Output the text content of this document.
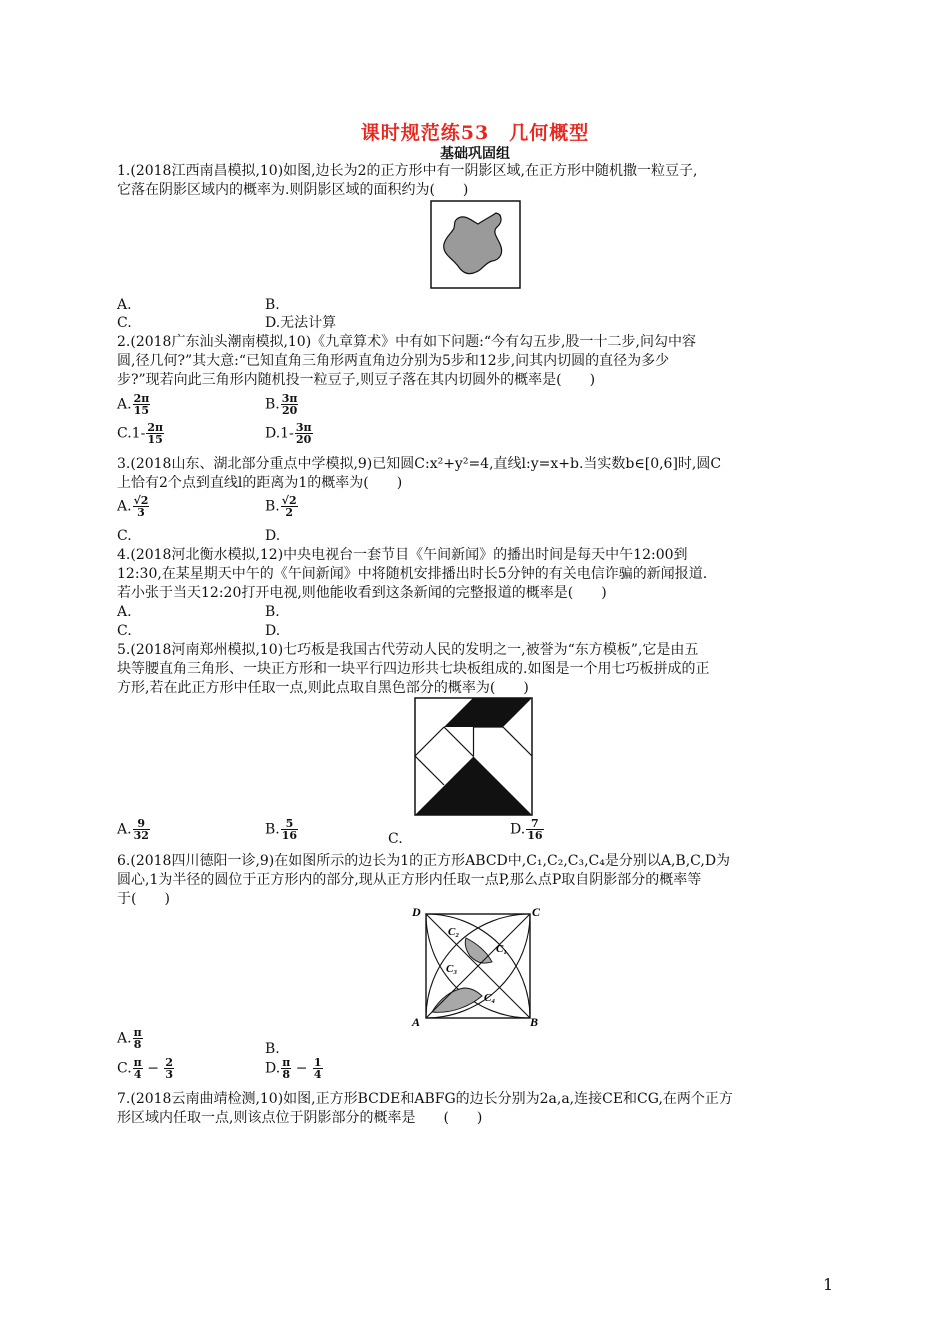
课时规范练53　几何概型
基础巩固组
1.(2018江西南昌模拟,10)如图,边长为2的正方形中有一阴影区域,在正方形中随机撒一粒豆子,
它落在阴影区域内的概率为.则阴影区域的面积约为(　　)
A.	B.
C.	D.无法计算
2.(2018广东汕头潮南模拟,10)《九章算术》中有如下问题:“今有勾五步,股一十二步,问勾中容
圆,径几何?”其大意:“已知直角三角形两直角边分别为5步和12步,问其内切圆的直径为多少
步?”现若向此三角形内随机投一粒豆子,则豆子落在其内切圆外的概率是(　　)
A. $\frac{2\pi}{15}$	B. $\frac{3\pi}{20}$
$C.1- \frac{2\pi}{15}$	$D.1- \frac{3\pi}{20}$
3.(2018山东、湖北部分重点中学模拟,9)已知圆C:x²+y²=4,直线l:y=x+b.当实数b∈[0,6]时,圆C
上恰有2个点到直线l的距离为1的概率为(　　)
A. $\frac{√2}{3}$	B. $\frac{√2}{2}$
C.	D.
4.(2018河北衡水模拟,12)中央电视台一套节目《午间新闻》的播出时间是每天中午12:00到
12:30,在某星期天中午的《午间新闻》中将随机安排播出时长5分钟的有关电信诈骗的新闻报道.
若小张于当天12:20打开电视,则他能收看到这条新闻的完整报道的概率是(　　)
A.	B.
C.	D.
5.(2018河南郑州模拟,10)七巧板是我国古代劳动人民的发明之一,被誉为“东方模板”,它是由五
块等腰直角三角形、一块正方形和一块平行四边形共七块板组成的.如图是一个用七巧板拼成的正
方形,若在此正方形中任取一点,则此点取自黑色部分的概率为(　　)
A. $\frac{9}{32}$	B. $\frac{5}{16}$	C.
D. $\frac{7}{16}$
6.(2018四川德阳一诊,9)在如图所示的边长为1的正方形ABCD中,C₁,C₂,C₃,C₄是分别以A,B,C,D为
圆心,1为半径的圆位于正方形内的部分,现从正方形内任取一点P,那么点P取自阴影部分的概率等
于(　　)
D	C
A	B
C₁
C₂
C₃
C₄
A. $\frac{\pi}{8}$	B.
C. $\frac{\pi}{4} - \frac{2}{3}$	D. $\frac{\pi}{8} - \frac{1}{4}$
7.(2018云南曲靖检测,10)如图,正方形BCDE和ABFG的边长分别为2a,a,连接CE和CG,在两个正方
形区域内任取一点,则该点位于阴影部分的概率是　　(　　)
1
